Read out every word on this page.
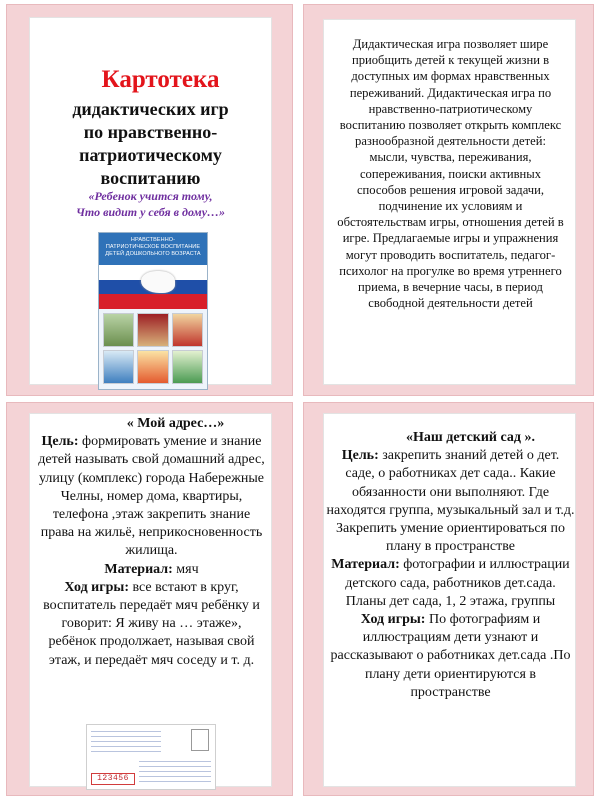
Картотека
дидактических игр
по нравственно-
патриотическому
воспитанию
«Ребенок учится тому,
Что видит у себя в дому…»
НРАВСТВЕННО-ПАТРИОТИЧЕСКОЕ ВОСПИТАНИЕ ДЕТЕЙ ДОШКОЛЬНОГО ВОЗРАСТА
Дидактическая игра позволяет шире приобщить детей к текущей жизни в доступных им формах нравственных переживаний. Дидактическая игра по нравственно-патриотическому воспитанию позволяет открыть комплекс разнообразной деятельности детей: мысли, чувства, переживания, сопереживания, поиски активных способов решения игровой задачи, подчинение их условиям и обстоятельствам игры, отношения детей в игре. Предлагаемые игры и упражнения могут проводить воспитатель, педагог-психолог на прогулке во время утреннего приема, в вечерние часы, в период свободной деятельности детей
« Мой адрес…»
Цель: формировать умение и знание детей называть свой домашний адрес, улицу (комплекс) города Набережные Челны, номер дома, квартиры, телефона ,этаж закрепить знание права на жильё, неприкосновенность жилища.
Материал: мяч
Ход игры: все встают в круг, воспитатель передаёт мяч ребёнку и говорит: Я живу на … этаже», ребёнок продолжает, называя свой этаж, и передаёт мяч соседу и т. д.
123456
«Наш детский сад ».
Цель: закрепить знаний детей о дет. саде, о работниках дет сада.. Какие обязанности они выполняют. Где находятся группа, музыкальный зал и т.д. Закрепить умение ориентироваться по плану в пространстве
Материал: фотографии и иллюстрации детского сада, работников дет.сада. Планы дет сада, 1, 2 этажа, группы
Ход игры: По фотографиям и иллюстрациям дети узнают и рассказывают о работниках дет.сада .По плану дети ориентируются в пространстве
